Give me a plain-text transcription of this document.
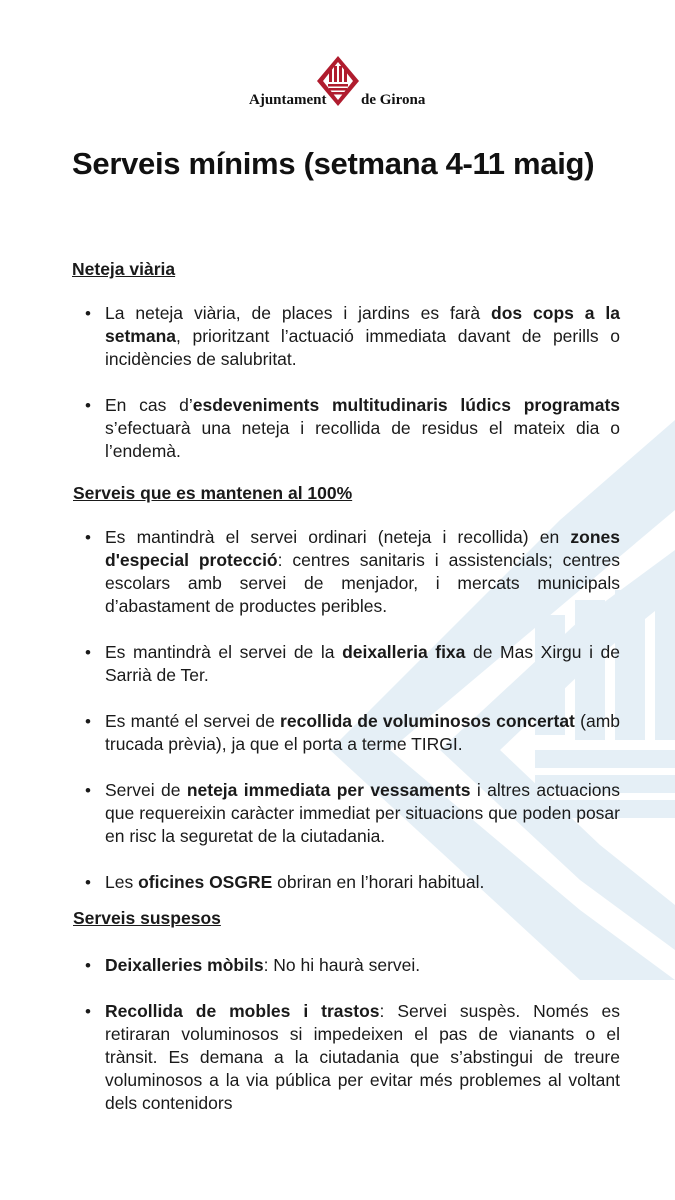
Ajuntament de Girona
Serveis mínims (setmana 4-11 maig)

Neteja viària

• La neteja viària, de places i jardins es farà dos cops a la setmana, prioritzant l’actuació immediata davant de perills o incidències de salubritat.
• En cas d’esdeveniments multitudinaris lúdics programats s’efectuarà una neteja i recollida de residus el mateix dia o l’endemà.

Serveis que es mantenen al 100%

• Es mantindrà el servei ordinari (neteja i recollida) en zones d'especial protecció: centres sanitaris i assistencials; centres escolars amb servei de menjador, i mercats municipals d’abastament de productes peribles.
• Es mantindrà el servei de la deixalleria fixa de Mas Xirgu i de Sarrià de Ter.
• Es manté el servei de recollida de voluminosos concertat (amb trucada prèvia), ja que el porta a terme TIRGI.
• Servei de neteja immediata per vessaments i altres actuacions que requereixin caràcter immediat per situacions que poden posar en risc la seguretat de la ciutadania.
• Les oficines OSGRE obriran en l’horari habitual.

Serveis suspesos

• Deixalleries mòbils: No hi haurà servei.
• Recollida de mobles i trastos: Servei suspès. Només es retiraran voluminosos si impedeixen el pas de vianants o el trànsit. Es demana a la ciutadania que s’abstingui de treure voluminosos a la via pública per evitar més problemes al voltant dels contenidors
